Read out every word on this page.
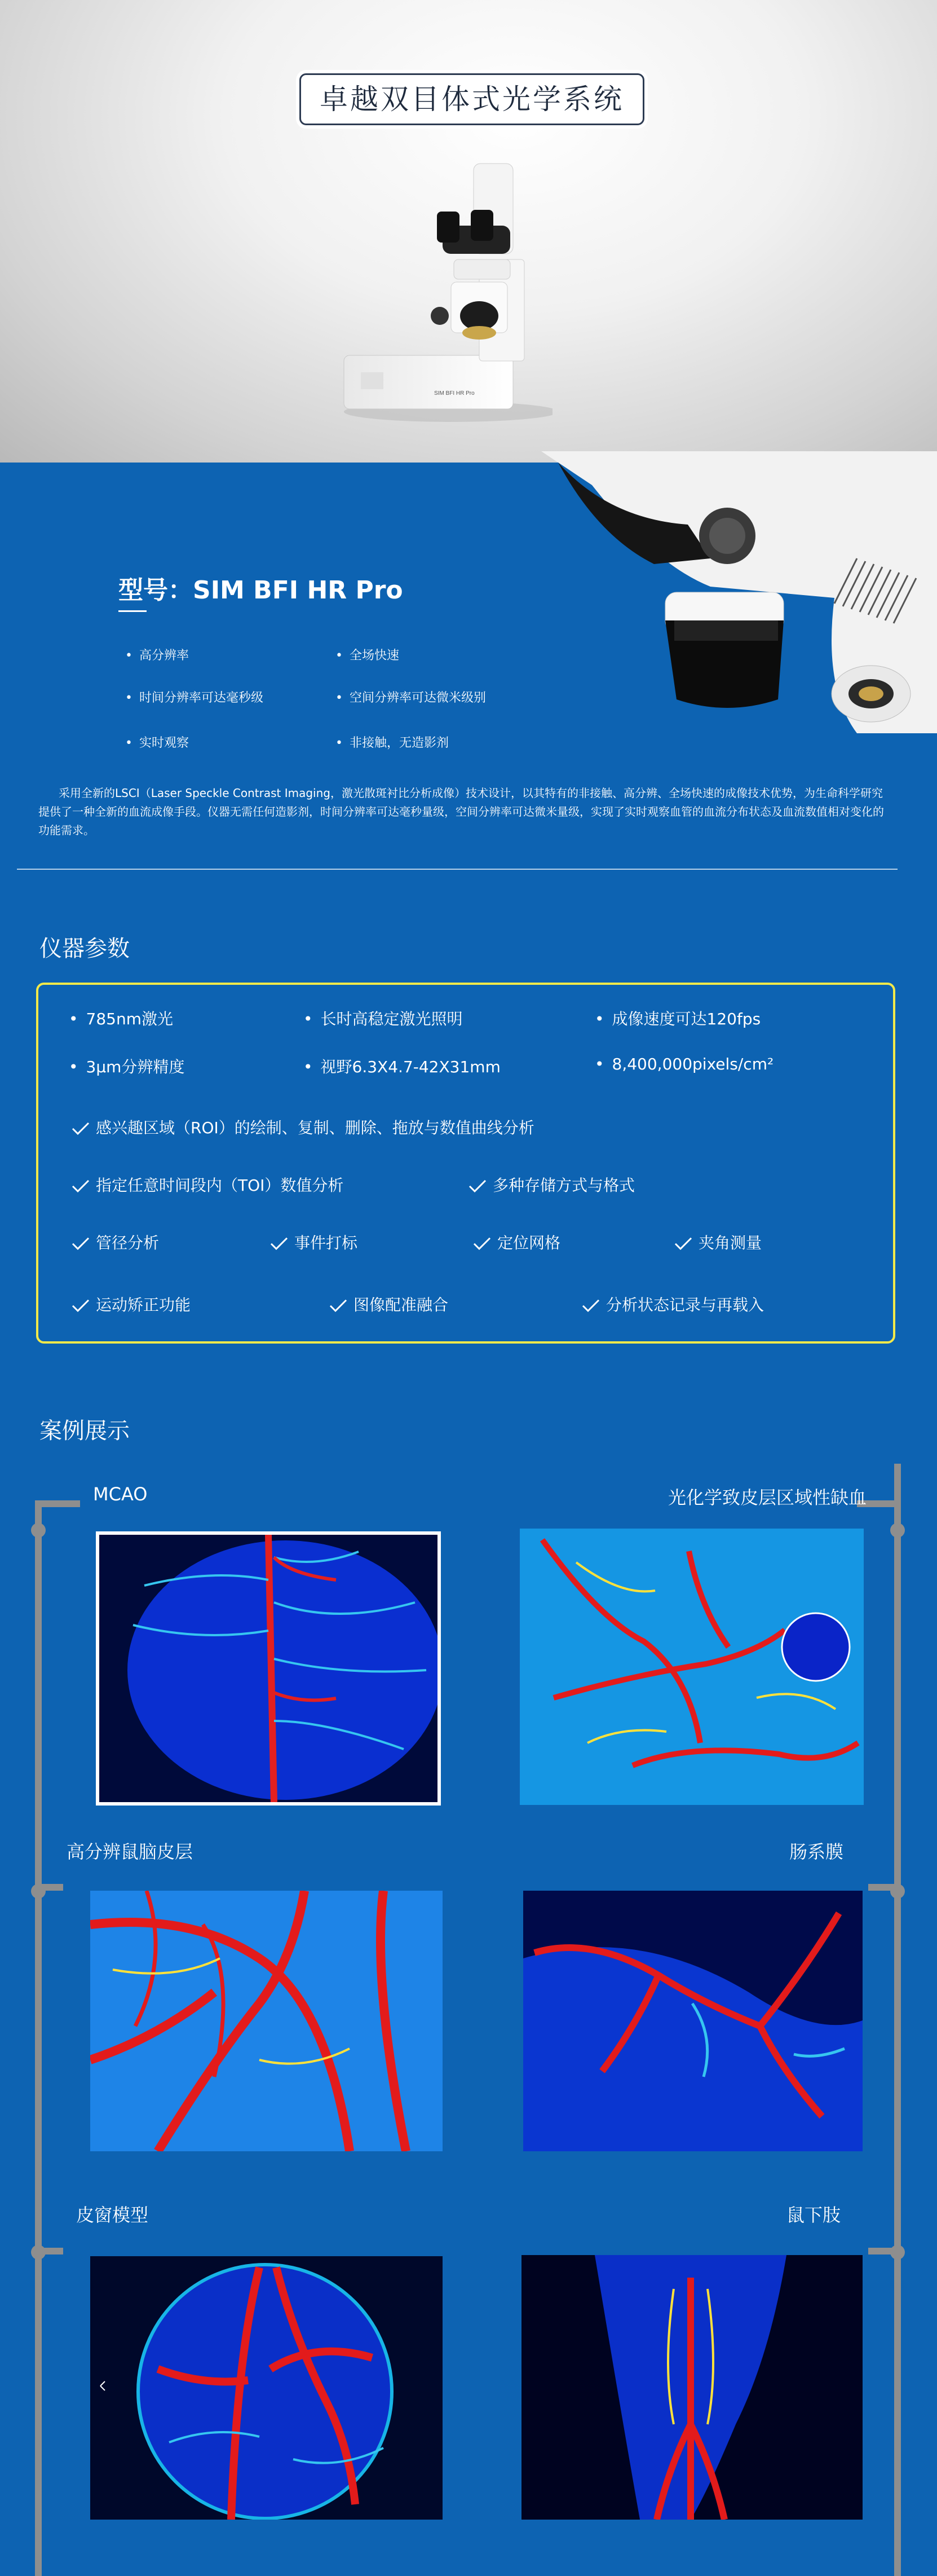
卓越双目体式光学系统
SIM BFI HR Pro
型号：SIM BFI HR Pro
• 高分辨率	• 全场快速
• 时间分辨率可达毫秒级	• 空间分辨率可达微米级别
• 实时观察	• 非接触，无造影剂
采用全新的LSCI（Laser Speckle Contrast Imaging，激光散斑衬比分析成像）技术设计，以其特有的非接触、高分辨、全场快速的成像技术优势，为生命科学研究提供了一种全新的血流成像手段。仪器无需任何造影剂，时间分辨率可达毫秒量级，空间分辨率可达微米量级，实现了实时观察血管的血流分布状态及血流数值相对变化的功能需求。
仪器参数
• 785nm激光	• 长时高稳定激光照明	• 成像速度可达120fps
• 3μm分辨精度	• 视野6.3X4.7-42X31mm	• 8,400,000pixels/cm²
感兴趣区域（ROI）的绘制、复制、删除、拖放与数值曲线分析
指定任意时间段内（TOI）数值分析	多种存储方式与格式
管径分析	事件打标	定位网格	夹角测量
运动矫正功能	图像配准融合	分析状态记录与再载入
案例展示
MCAO	光化学致皮层区域性缺血
高分辨鼠脑皮层	肠系膜
皮窗模型	鼠下肢
